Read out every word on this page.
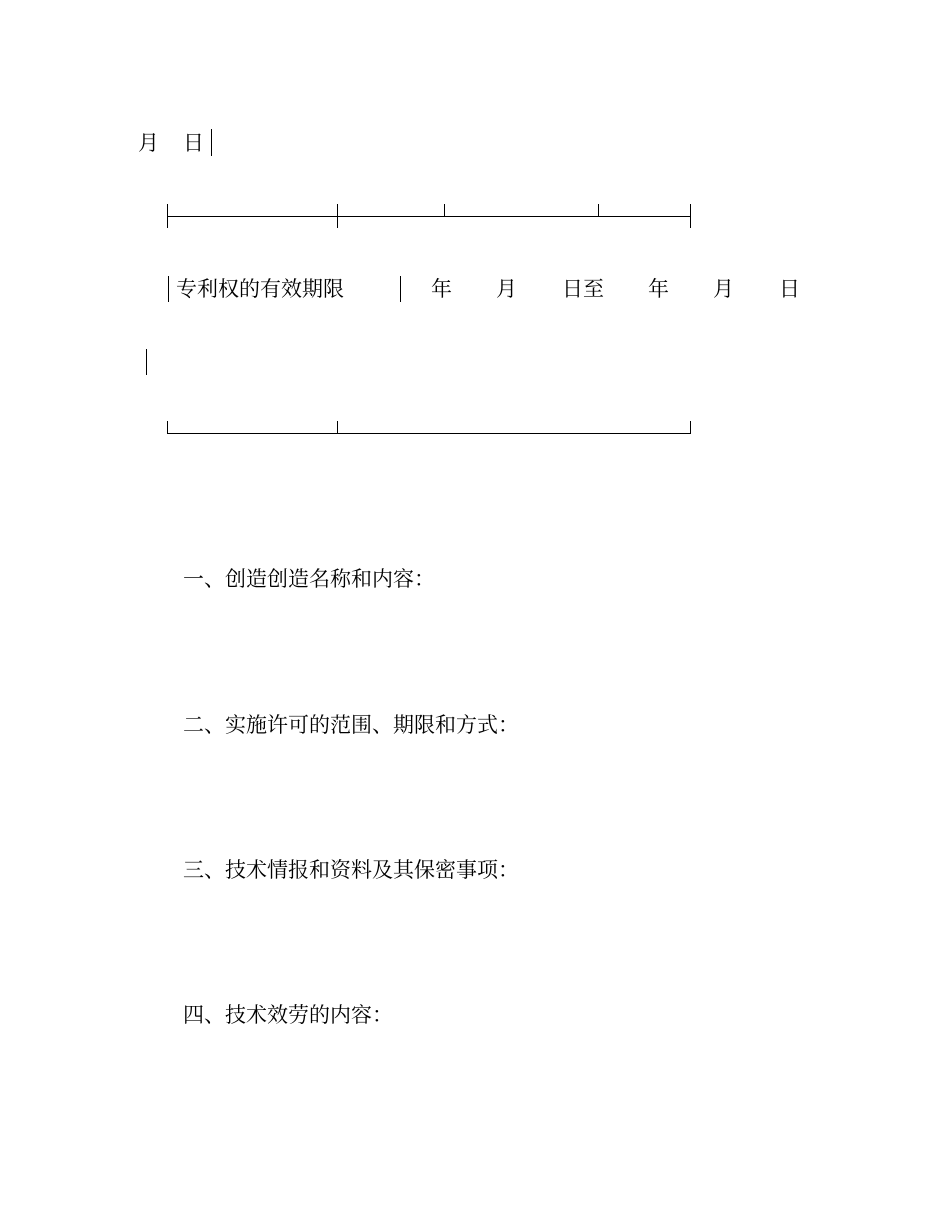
月 日
专利权的有效期限	年 月 日至 年 月 日
一、创造创造名称和内容：
二、实施许可的范围、期限和方式：
三、技术情报和资料及其保密事项：
四、技术效劳的内容：
